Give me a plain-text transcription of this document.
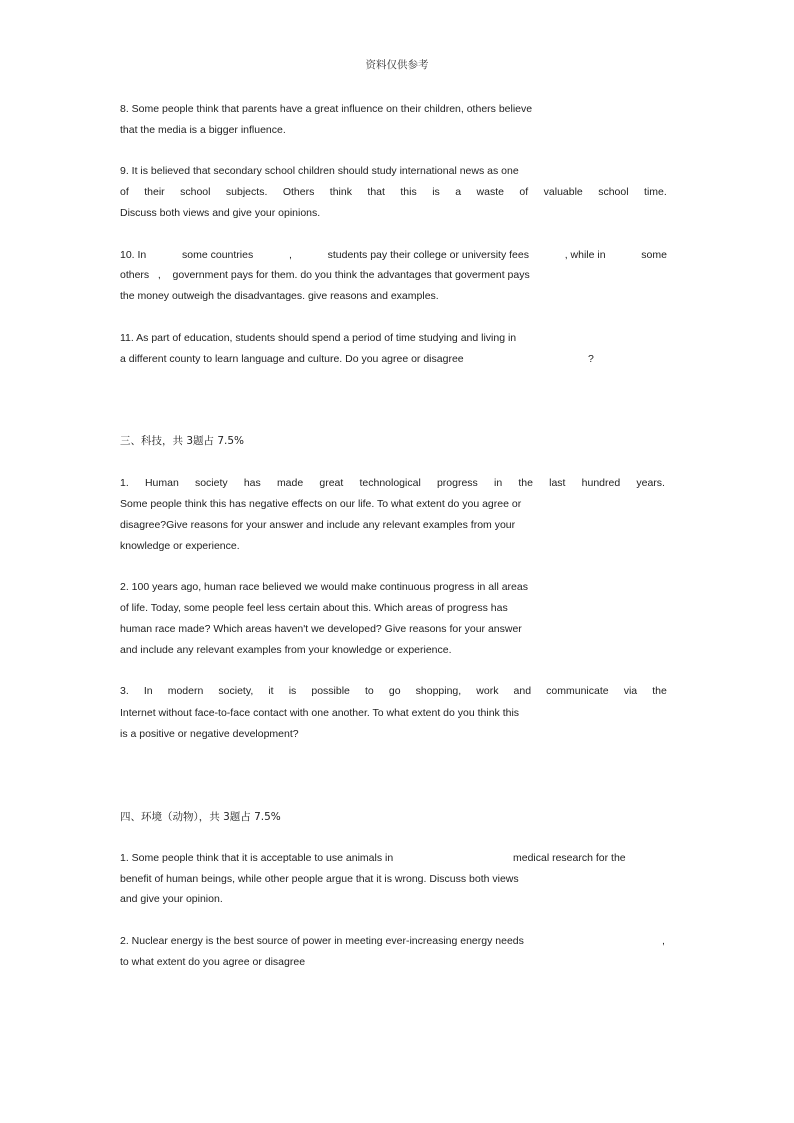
资料仅供参考
8. Some people think that parents have a great influence on their children, others believe
that the media is a bigger influence.
9. It is believed that secondary school children should study international news as one
of their school subjects. Others think that this is a waste of valuable school time.
Discuss both views and give your opinions.
10. In	some countries	,	students pay their college or university fees	, while in	some
others   ,    government pays for them. do you think the advantages that goverment pays
the money outweigh the disadvantages. give reasons and examples.
11. As part of education, students should spend a period of time studying and living in
a different county to learn language and culture. Do you agree or disagree	?
三、科技，共 3题占 7.5%
1. Human society has made great technological progress in the last hundred years.
Some people think this has negative effects on our life. To what extent do you agree or
disagree?Give reasons for your answer and include any relevant examples from your
knowledge or experience.
2. 100 years ago, human race believed we would make continuous progress in all areas
of life. Today, some people feel less certain about this. Which areas of progress has
human race made? Which areas haven't we developed? Give reasons for your answer
and include any relevant examples from your knowledge or experience.
3. In modern society, it is possible to go shopping, work and communicate via the
Internet without face-to-face contact with one another. To what extent do you think this
is a positive or negative development?
四、环境（动物），共 3题占 7.5%
1. Some people think that it is acceptable to use animals in	medical research for the
benefit of human beings, while other people argue that it is wrong. Discuss both views
and give your opinion.
2. Nuclear energy is the best source of power in meeting ever-increasing energy needs	,
to what extent do you agree or disagree
